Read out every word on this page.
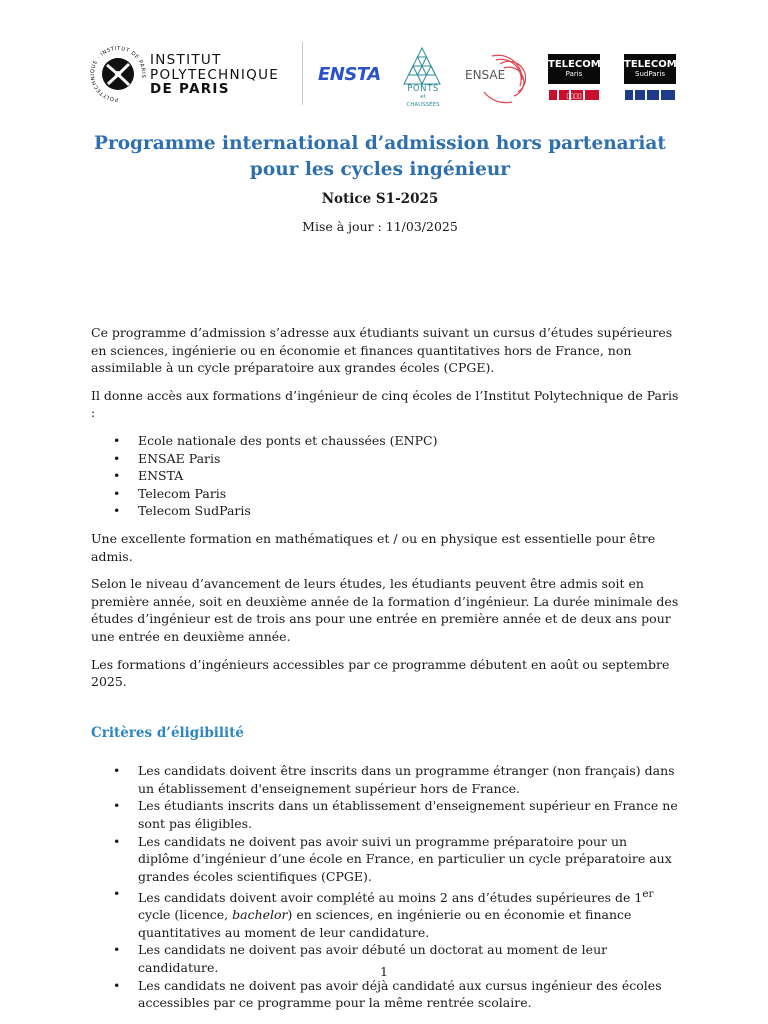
POLYTECHNIQUE · INSTITUT DE PARIS
INSTITUT
POLYTECHNIQUE
DE PARIS
ENSTA
PONTS
et
CHAUSSÉES
ENSAE
TELECOM
Paris
▯▯▯▯
TELECOM
SudParis
Programme international d’admission hors partenariat
pour les cycles ingénieur

Notice S1-2025

Mise à jour : 11/03/2025

Ce programme d’admission s’adresse aux étudiants suivant un cursus d’études supérieures en sciences, ingénierie ou en économie et finances quantitatives hors de France, non assimilable à un cycle préparatoire aux grandes écoles (CPGE).

Il donne accès aux formations d’ingénieur de cinq écoles de l’Institut Polytechnique de Paris :

• Ecole nationale des ponts et chaussées (ENPC)
• ENSAE Paris
• ENSTA
• Telecom Paris
• Telecom SudParis

Une excellente formation en mathématiques et / ou en physique est essentielle pour être admis.

Selon le niveau d’avancement de leurs études, les étudiants peuvent être admis soit en première année, soit en deuxième année de la formation d’ingénieur. La durée minimale des études d’ingénieur est de trois ans pour une entrée en première année et de deux ans pour une entrée en deuxième année.

Les formations d’ingénieurs accessibles par ce programme débutent en août ou septembre 2025.

Critères d’éligibilité
• Les candidats doivent être inscrits dans un programme étranger (non français) dans un établissement d'enseignement supérieur hors de France.
• Les étudiants inscrits dans un établissement d'enseignement supérieur en France ne sont pas éligibles.
• Les candidats ne doivent pas avoir suivi un programme préparatoire pour un diplôme d’ingénieur d’une école en France, en particulier un cycle préparatoire aux grandes écoles scientifiques (CPGE).
• Les candidats doivent avoir complété au moins 2 ans d’études supérieures de 1er cycle (licence, bachelor) en sciences, en ingénierie ou en économie et finance quantitatives au moment de leur candidature.
• Les candidats ne doivent pas avoir débuté un doctorat au moment de leur candidature.
• Les candidats ne doivent pas avoir déjà candidaté aux cursus ingénieur des écoles accessibles par ce programme pour la même rentrée scolaire.
1
